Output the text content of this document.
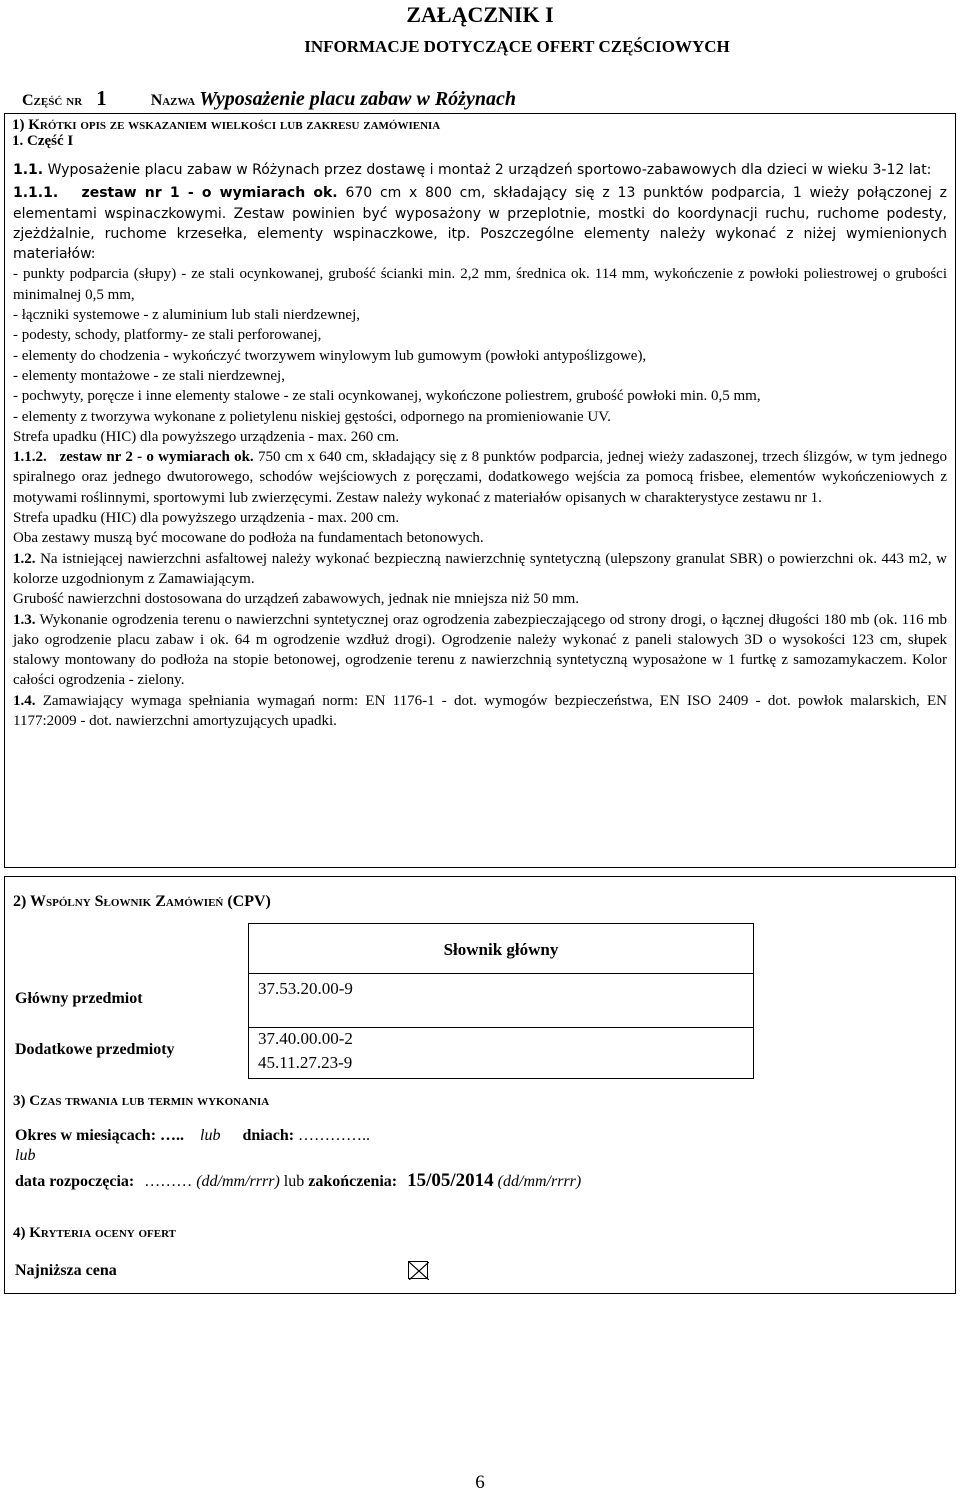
ZAŁĄCZNIK I
INFORMACJE DOTYCZĄCE OFERT CZĘŚCIOWYCH
Część nr 1	Nazwa Wyposażenie placu zabaw w Różynach
1) Krótki opis ze wskazaniem wielkości lub zakresu zamówienia
1. Część I

1.1. Wyposażenie placu zabaw w Różynach przez dostawę i montaż 2 urządzeń sportowo-zabawowych dla dzieci w wieku 3-12 lat:

1.1.1. zestaw nr 1 - o wymiarach ok. 670 cm x 800 cm, składający się z 13 punktów podparcia, 1 wieży połączonej z elementami wspinaczkowymi. Zestaw powinien być wyposażony w przeplotnie, mostki do koordynacji ruchu, ruchome podesty, zjeżdżalnie, ruchome krzesełka, elementy wspinaczkowe, itp. Poszczególne elementy należy wykonać z niżej wymienionych materiałów:

- punkty podparcia (słupy) - ze stali ocynkowanej, grubość ścianki min. 2,2 mm, średnica ok. 114 mm, wykończenie z powłoki poliestrowej o grubości minimalnej 0,5 mm,

- łączniki systemowe - z aluminium lub stali nierdzewnej,

- podesty, schody, platformy- ze stali perforowanej,

- elementy do chodzenia - wykończyć tworzywem winylowym lub gumowym (powłoki antypoślizgowe),

- elementy montażowe - ze stali nierdzewnej,

- pochwyty, poręcze i inne elementy stalowe - ze stali ocynkowanej, wykończone poliestrem, grubość powłoki min. 0,5 mm,

- elementy z tworzywa wykonane z polietylenu niskiej gęstości, odpornego na promieniowanie UV.

Strefa upadku (HIC) dla powyższego urządzenia - max. 260 cm.

1.1.2. zestaw nr 2 - o wymiarach ok. 750 cm x 640 cm, składający się z 8 punktów podparcia, jednej wieży zadaszonej, trzech ślizgów, w tym jednego spiralnego oraz jednego dwutorowego, schodów wejściowych z poręczami, dodatkowego wejścia za pomocą frisbee, elementów wykończeniowych z motywami roślinnymi, sportowymi lub zwierzęcymi. Zestaw należy wykonać z materiałów opisanych w charakterystyce zestawu nr 1.

Strefa upadku (HIC) dla powyższego urządzenia - max. 200 cm.

Oba zestawy muszą być mocowane do podłoża na fundamentach betonowych.

1.2. Na istniejącej nawierzchni asfaltowej należy wykonać bezpieczną nawierzchnię syntetyczną (ulepszony granulat SBR) o powierzchni ok. 443 m2, w kolorze uzgodnionym z Zamawiającym.

Grubość nawierzchni dostosowana do urządzeń zabawowych, jednak nie mniejsza niż 50 mm.

1.3. Wykonanie ogrodzenia terenu o nawierzchni syntetycznej oraz ogrodzenia zabezpieczającego od strony drogi, o łącznej długości 180 mb (ok. 116 mb jako ogrodzenie placu zabaw i ok. 64 m ogrodzenie wzdłuż drogi). Ogrodzenie należy wykonać z paneli stalowych 3D o wysokości 123 cm, słupek stalowy montowany do podłoża na stopie betonowej, ogrodzenie terenu z nawierzchnią syntetyczną wyposażone w 1 furtkę z samozamykaczem. Kolor całości ogrodzenia - zielony.

1.4. Zamawiający wymaga spełniania wymagań norm: EN 1176-1 - dot. wymogów bezpieczeństwa, EN ISO 2409 - dot. powłok malarskich, EN 1177:2009 - dot. nawierzchni amortyzujących upadki.

2) Wspólny Słownik Zamówień (CPV)
Słownik główny
Główny przedmiot
37.53.20.00-9
Dodatkowe przedmioty
37.40.00.00-2
45.11.27.23-9
3) Czas trwania lub termin wykonania
Okres w miesiącach: ….. lub dniach: …………..
lub
data rozpoczęcia: ……… (dd/mm/rrrr) lub zakończenia: 15/05/2014 (dd/mm/rrrr)
4) Kryteria oceny ofert
Najniższa cena
6
